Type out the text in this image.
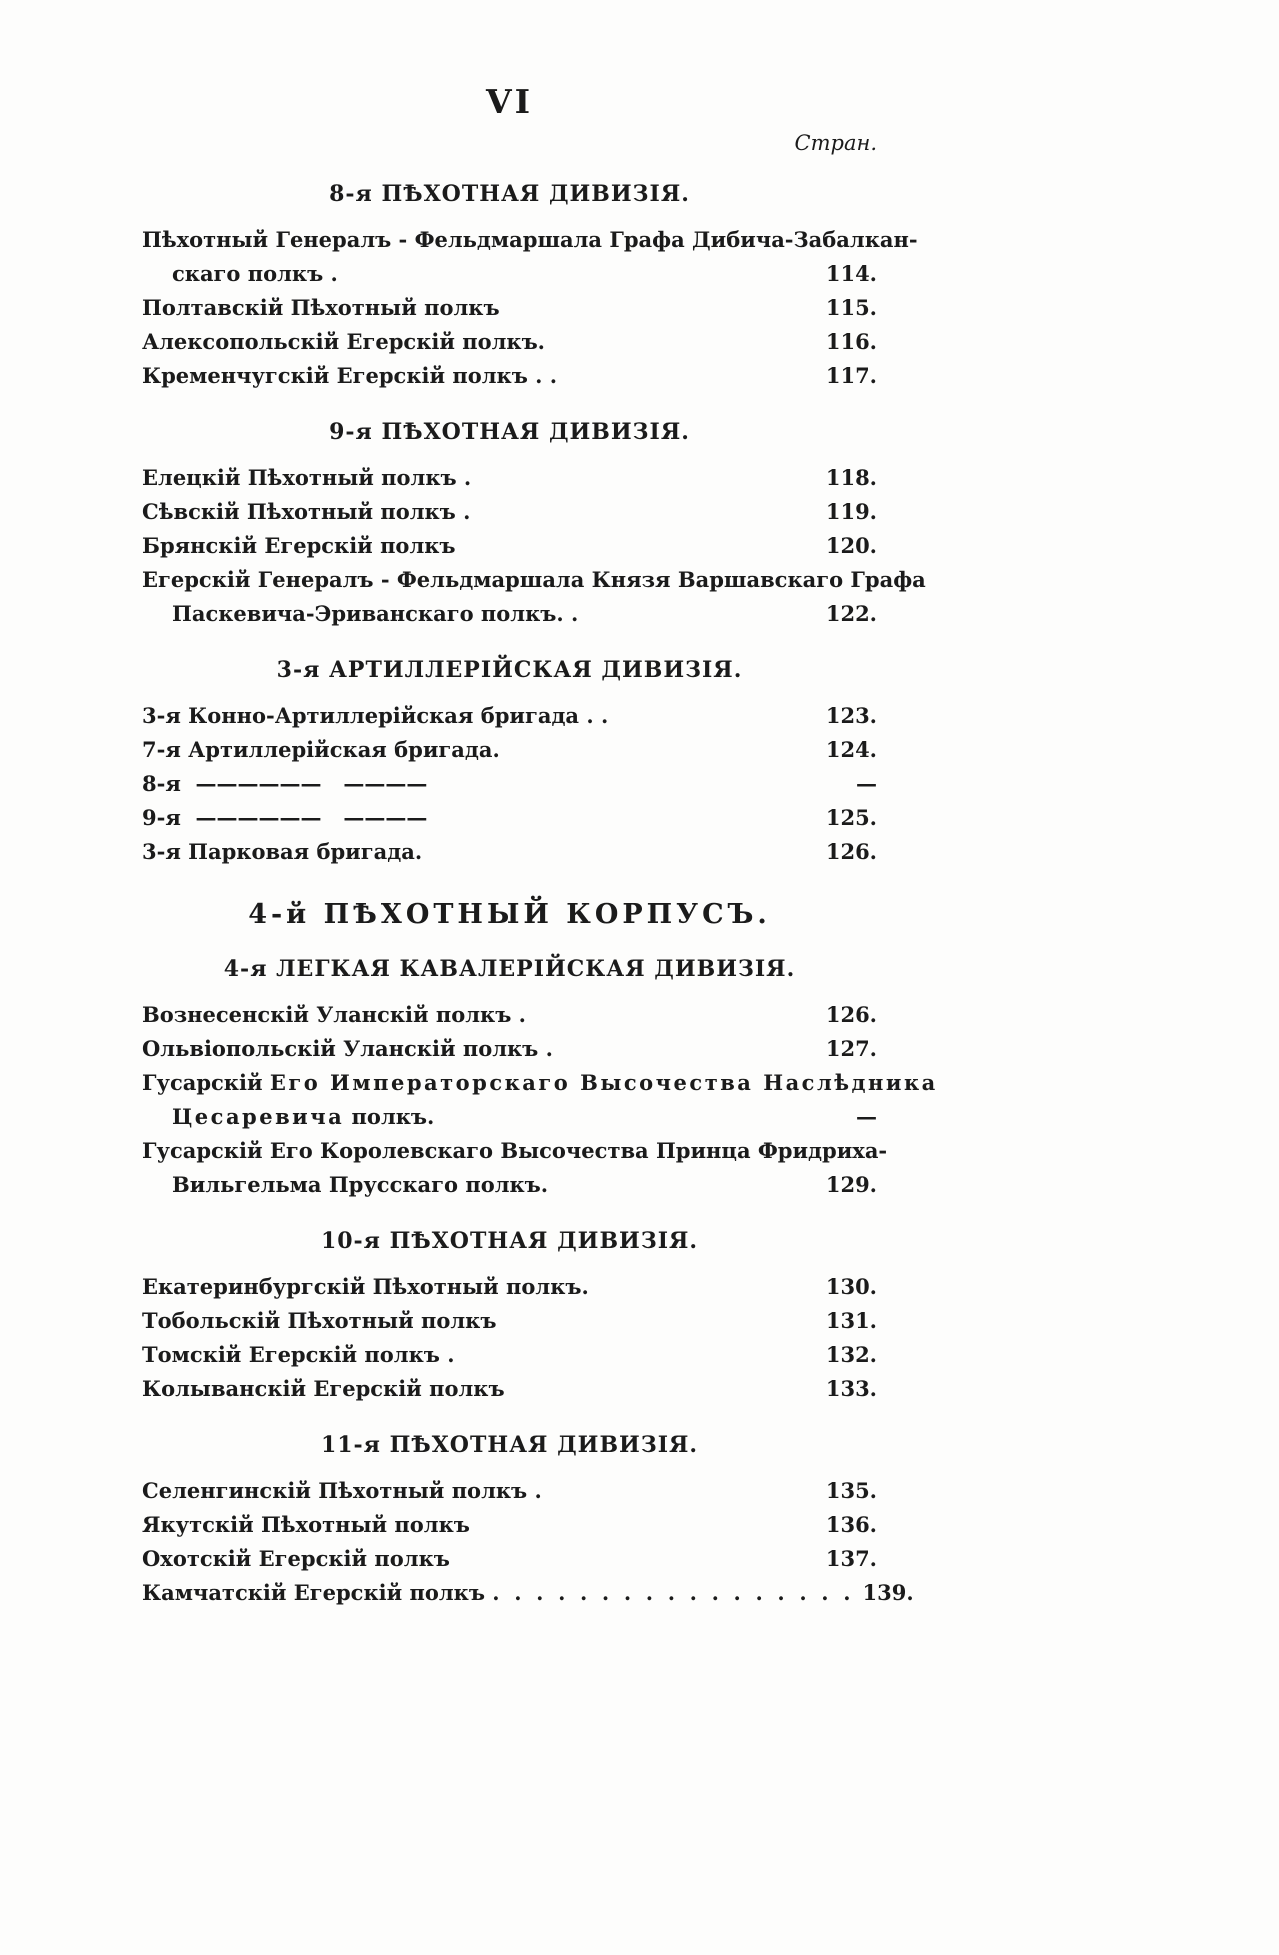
VI
Стран.
8-я ПѢХОТНАЯ ДИВИЗІЯ.
Пѣхотный Генералъ - Фельдмаршала Графа Дибича-Забалкан-
скаго полкъ .	114.
Полтавскій Пѣхотный полкъ	115.
Алексопольскій Егерскій полкъ.	116.
Кременчугскій Егерскій полкъ . .	117.
9-я ПѢХОТНАЯ ДИВИЗІЯ.
Елецкій Пѣхотный полкъ .	118.
Сѣвскій Пѣхотный полкъ .	119.
Брянскій Егерскій полкъ	120.
Егерскій Генералъ - Фельдмаршала Князя Варшавскаго Графа
Паскевича-Эриванскаго полкъ. .	122.
3-я АРТИЛЛЕРІЙСКАЯ ДИВИЗІЯ.
3-я Конно-Артиллерійская бригада . .	123.
7-я Артиллерійская бригада.	124.
8-я  ——————   ————	—
9-я  ——————   ————	125.
3-я Парковая бригада.	126.
4-й ПѢХОТНЫЙ КОРПУСЪ.
4-я ЛЕГКАЯ КАВАЛЕРІЙСКАЯ ДИВИЗІЯ.
Вознесенскій Уланскій полкъ .	126.
Ольвіопольскій Уланскій полкъ .	127.
Гусарскій Его Императорскаго Высочества Наслѣдника
Цесаревича полкъ.	—
Гусарскій Его Королевскаго Высочества Принца Фридриха-
Вильгельма Прусскаго полкъ.	129.
10-я ПѢХОТНАЯ ДИВИЗІЯ.
Екатеринбургскій Пѣхотный полкъ.	130.
Тобольскій Пѣхотный полкъ	131.
Томскій Егерскій полкъ .	132.
Колыванскій Егерскій полкъ	133.
11-я ПѢХОТНАЯ ДИВИЗІЯ.
Селенгинскій Пѣхотный полкъ .	135.
Якутскій Пѣхотный полкъ	136.
Охотскій Егерскій полкъ	137.
Камчатскій Егерскій полкъ .  .  .  .  .  .  .  .  .  .  .  .  .  .  .  .  . 139.
